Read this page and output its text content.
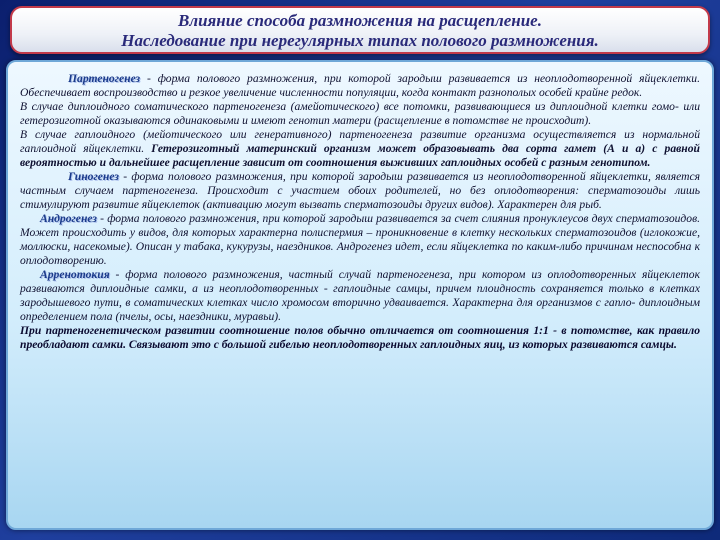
Влияние способа размножения на расщепление.
Наследование при нерегулярных типах полового размножения.

Партеногенез - форма полового размножения, при которой зародыш развивается из неоплодотворенной яйцеклетки. Обеспечивает воспроизводство и резкое увеличение численности популяции, когда контакт разнополых особей крайне редок.

В случае диплоидного соматического партеногенеза (амейотического) все потомки, развивающиеся из диплоидной клетки гомо- или гетерозиготной оказываются одинаковыми и имеют генотип матери (расщепление в потомстве не происходит).

В случае гаплоидного (мейотического или генеративного) партеногенеза развитие организма осуществляется из нормальной гаплоидной яйцеклетки. Гетерозиготный материнский организм может образовывать два сорта гамет (А и а) с равной вероятностью и дальнейшее расщепление зависит от соотношения выживших гаплоидных особей с разным генотипом.

Гиногенез - форма полового размножения, при которой зародыш развивается из неоплодотворенной яйцеклетки, является частным случаем партеногенеза. Происходит с участием обоих родителей, но без оплодотворения: сперматозоиды лишь стимулируют развитие яйцеклеток (активацию могут вызвать сперматозоиды других видов). Характерен для рыб.

Андрогенез - форма полового размножения, при которой зародыш развивается за счет слияния пронуклеусов двух сперматозоидов. Может происходить у видов, для которых характерна полиспермия – проникновение в клетку нескольких сперматозоидов (иглокожие, моллюски, насекомые). Описан у табака, кукурузы, наездников. Андрогенез идет, если яйцеклетка по каким-либо причинам неспособна к оплодотворению.

Арренотокия - форма полового размножения, частный случай партеногенеза, при котором из оплодотворенных яйцеклеток развиваются диплоидные самки, а из неоплодотворенных - гаплоидные самцы, причем плоидность сохраняется только в клетках зародышевого пути, в соматических клетках число хромосом вторично удваивается. Характерна для организмов с гапло- диплоидным определением пола (пчелы, осы, наездники, муравьи).

При партеногенетическом развитии соотношение полов обычно отличается от соотношения 1:1 - в потомстве, как правило преобладают самки. Связывают это с большой гибелью неоплодотворенных гаплоидных яиц, из которых развиваются самцы.
